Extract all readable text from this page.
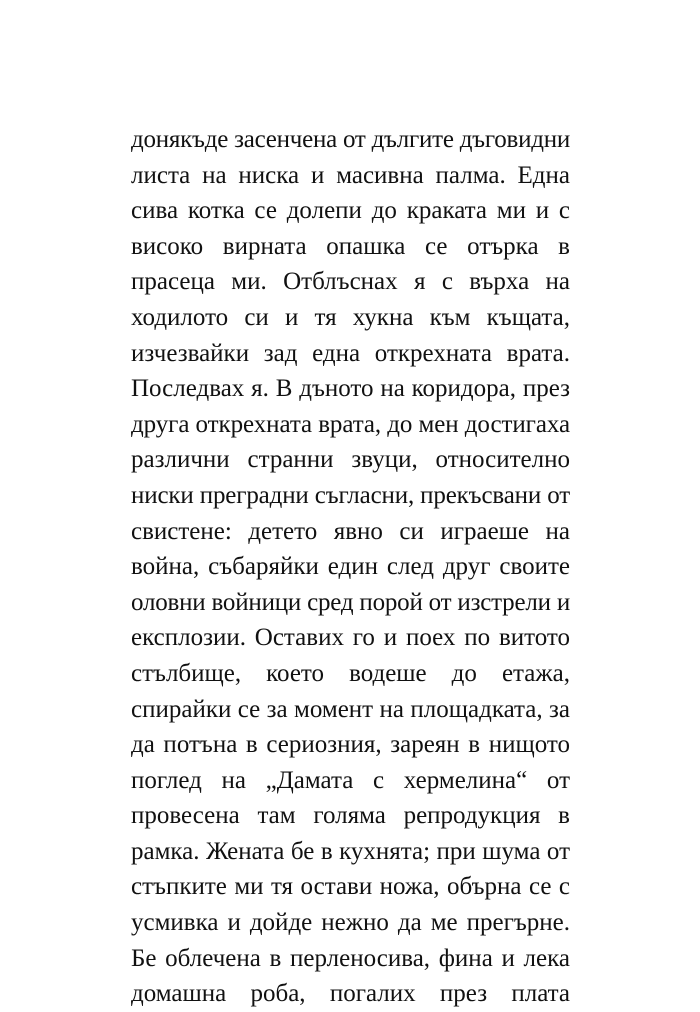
донякъде засенчена от дългите дъговидни
листа на ниска и масивна палма. Една
сива котка се долепи до краката ми и с
високо вирната опашка се отърка в
прасеца ми. Отблъснах я с върха на
ходилото си и тя хукна към къщата,
изчезвайки зад една открехната врата.
Последвах я. В дъното на коридора, през
друга открехната врата, до мен достигаха
различни странни звуци, относително
ниски преградни съгласни, прекъсвани от
свистене: детето явно си играеше на
война, събаряйки един след друг своите
оловни войници сред порой от изстрели и
експлозии. Оставих го и поех по витото
стълбище, което водеше до етажа,
спирайки се за момент на площадката, за
да потъна в сериозния, зареян в нищото
поглед на „Дамата с хермелина“ от
провесена там голяма репродукция в
рамка. Жената бе в кухнята; при шума от
стъпките ми тя остави ножа, обърна се с
усмивка и дойде нежно да ме прегърне.
Бе облечена в перленосива, фина и лека
домашна роба, погалих през плата
